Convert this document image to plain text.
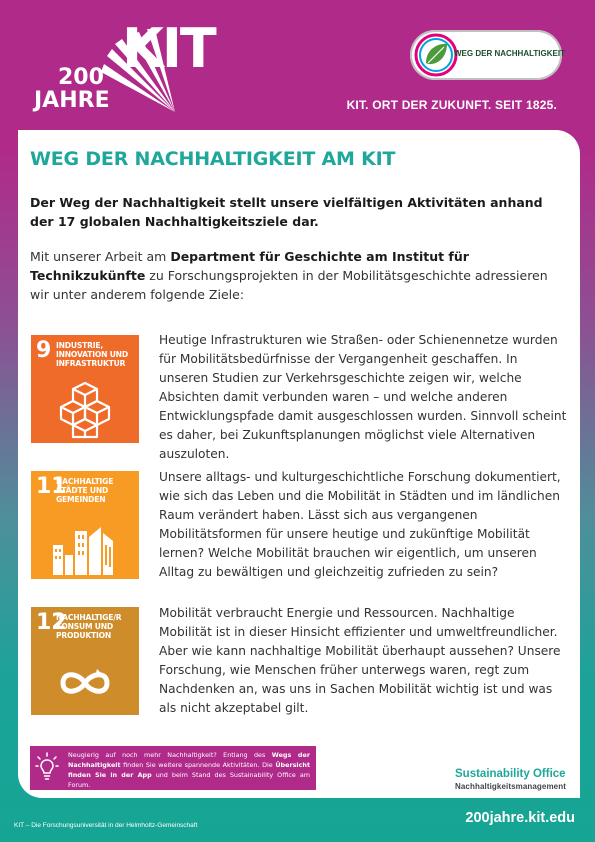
KIT
200
JAHRE
WEG DER NACHHALTIGKEIT
KIT. ORT DER ZUKUNFT. SEIT 1825.
WEG DER NACHHALTIGKEIT AM KIT

Der Weg der Nachhaltigkeit stellt unsere vielfältigen Aktivitäten anhand der 17 globalen Nachhaltigkeitsziele dar.

Mit unserer Arbeit am Department für Geschichte am Institut für Technikzukünfte zu Forschungsprojekten in der Mobilitätsgeschichte adressieren wir unter anderem folgende Ziele:

9 INDUSTRIE, INNOVATION UND INFRASTRUKTUR

Heutige Infrastrukturen wie Straßen- oder Schienennetze wurden für Mobilitätsbedürfnisse der Vergangenheit geschaffen. In unseren Studien zur Verkehrsgeschichte zeigen wir, welche Absichten damit verbunden waren – und welche anderen Entwicklungspfade damit ausgeschlossen wurden. Sinnvoll scheint es daher, bei Zukunftsplanungen möglichst viele Alternativen auszuloten.

11
NACHHALTIGE STÄDTE UND GEMEINDEN

Unsere alltags- und kulturgeschichtliche Forschung dokumentiert, wie sich das Leben und die Mobilität in Städten und im ländlichen Raum verändert haben. Lässt sich aus vergangenen Mobilitätsformen für unsere heutige und zukünftige Mobilität lernen? Welche Mobilität brauchen wir eigentlich, um unseren Alltag zu bewältigen und gleichzeitig zufrieden zu sein?

12
NACHHALTIGE/R KONSUM UND PRODUKTION

Mobilität verbraucht Energie und Ressourcen. Nachhaltige Mobilität ist in dieser Hinsicht effizienter und umweltfreundlicher. Aber wie kann nachhaltige Mobilität überhaupt aussehen? Unsere Forschung, wie Menschen früher unterwegs waren, regt zum Nachdenken an, was uns in Sachen Mobilität wichtig ist und was als nicht akzeptabel gilt.

Neugierig auf noch mehr Nachhaltigkeit? Entlang des Wegs der Nachhaltigkeit finden Sie weitere spannende Aktivitäten. Die Übersicht finden Sie in der App und beim Stand des Sustainability Office am Forum.

Sustainability Office
Nachhaltigkeitsmanagement
KIT – Die Forschungsuniversität in der Helmholtz-Gemeinschaft	200jahre.kit.edu
